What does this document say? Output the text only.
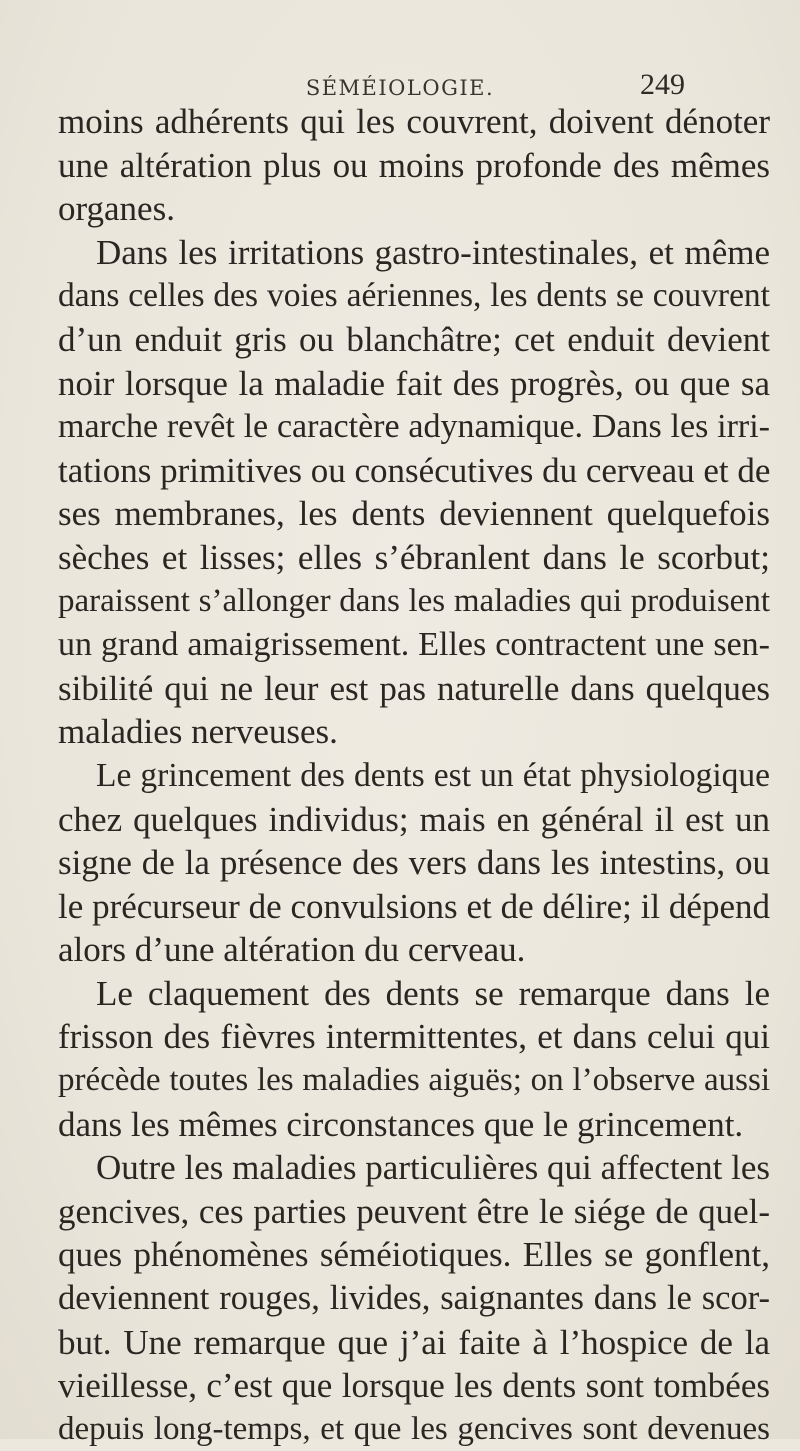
SÉMÉIOLOGIE.	249
moins adhérents qui les couvrent, doivent dénoter
une altération plus ou moins profonde des mêmes
organes.
Dans les irritations gastro-intestinales, et même
dans celles des voies aériennes, les dents se couvrent
d’un enduit gris ou blanchâtre; cet enduit devient
noir lorsque la maladie fait des progrès, ou que sa
marche revêt le caractère adynamique. Dans les irri-
tations primitives ou consécutives du cerveau et de
ses membranes, les dents deviennent quelquefois
sèches et lisses; elles s’ébranlent dans le scorbut;
paraissent s’allonger dans les maladies qui produisent
un grand amaigrissement. Elles contractent une sen-
sibilité qui ne leur est pas naturelle dans quelques
maladies nerveuses.
Le grincement des dents est un état physiologique
chez quelques individus; mais en général il est un
signe de la présence des vers dans les intestins, ou
le précurseur de convulsions et de délire; il dépend
alors d’une altération du cerveau.
Le claquement des dents se remarque dans le
frisson des fièvres intermittentes, et dans celui qui
précède toutes les maladies aiguës; on l’observe aussi
dans les mêmes circonstances que le grincement.
Outre les maladies particulières qui affectent les
gencives, ces parties peuvent être le siége de quel-
ques phénomènes séméiotiques. Elles se gonflent,
deviennent rouges, livides, saignantes dans le scor-
but. Une remarque que j’ai faite à l’hospice de la
vieillesse, c’est que lorsque les dents sont tombées
depuis long-temps, et que les gencives sont devenues
